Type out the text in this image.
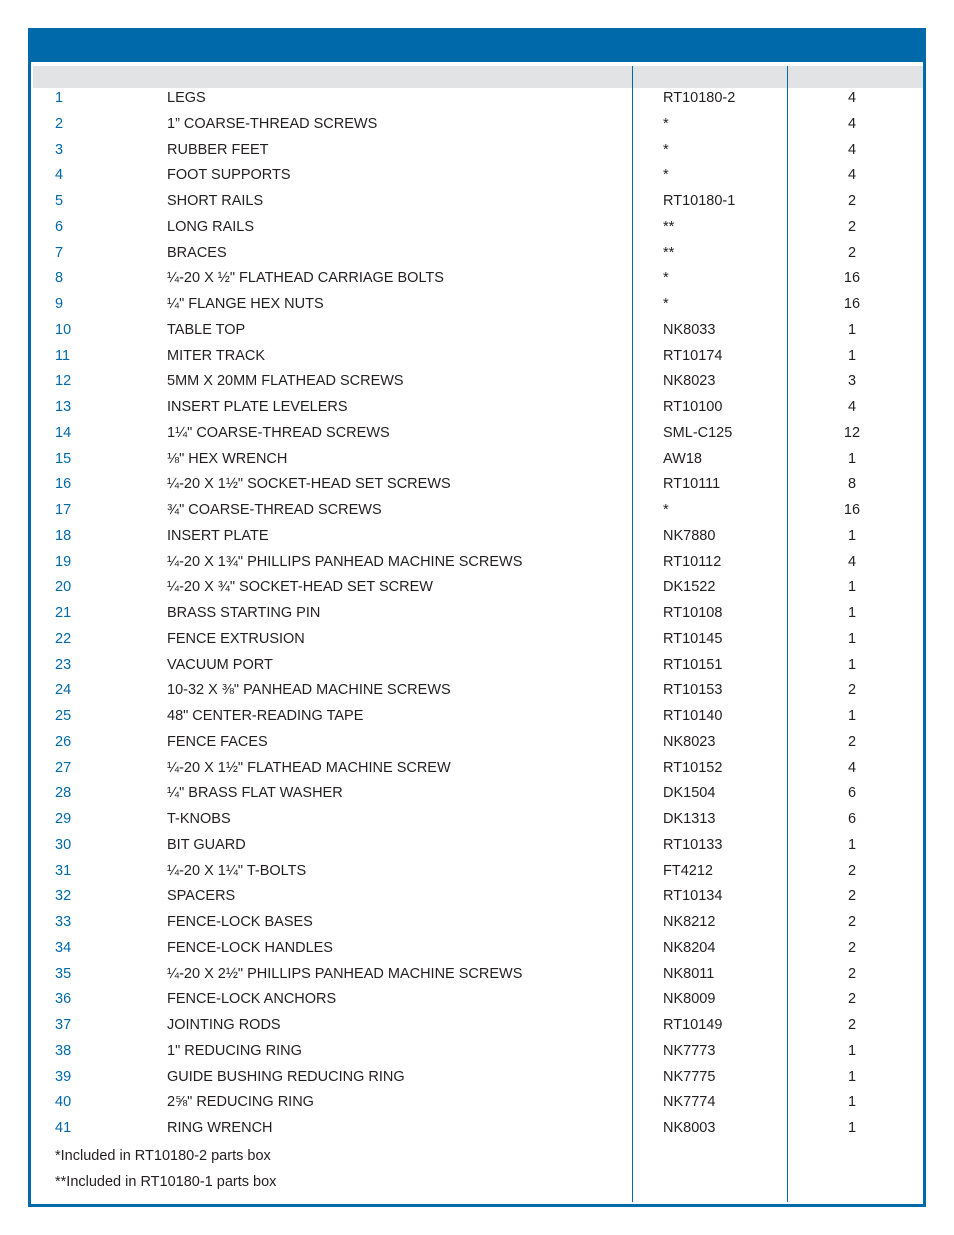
1	LEGS	RT10180-2	4
2	1” COARSE-THREAD SCREWS	*	4
3	RUBBER FEET	*	4
4	FOOT SUPPORTS	*	4
5	SHORT RAILS	RT10180-1	2
6	LONG RAILS	**	2
7	BRACES	**	2
8	¼-20 X ½" FLATHEAD CARRIAGE BOLTS	*	16
9	¼" FLANGE HEX NUTS	*	16
10	TABLE TOP	NK8033	1
11	MITER TRACK	RT10174	1
12	5MM X 20MM FLATHEAD SCREWS	NK8023	3
13	INSERT PLATE LEVELERS	RT10100	4
14	1¼" COARSE-THREAD SCREWS	SML-C125	12
15	⅛" HEX WRENCH	AW18	1
16	¼-20 X 1½" SOCKET-HEAD SET SCREWS	RT10111	8
17	¾" COARSE-THREAD SCREWS	*	16
18	INSERT PLATE	NK7880	1
19	¼-20 X 1¾" PHILLIPS PANHEAD MACHINE SCREWS	RT10112	4
20	¼-20 X ¾" SOCKET-HEAD SET SCREW	DK1522	1
21	BRASS STARTING PIN	RT10108	1
22	FENCE EXTRUSION	RT10145	1
23	VACUUM PORT	RT10151	1
24	10-32 X ⅜" PANHEAD MACHINE SCREWS	RT10153	2
25	48" CENTER-READING TAPE	RT10140	1
26	FENCE FACES	NK8023	2
27	¼-20 X 1½" FLATHEAD MACHINE SCREW	RT10152	4
28	¼" BRASS FLAT WASHER	DK1504	6
29	T-KNOBS	DK1313	6
30	BIT GUARD	RT10133	1
31	¼-20 X 1¼" T-BOLTS	FT4212	2
32	SPACERS	RT10134	2
33	FENCE-LOCK BASES	NK8212	2
34	FENCE-LOCK HANDLES	NK8204	2
35	¼-20 X 2½" PHILLIPS PANHEAD MACHINE SCREWS	NK8011	2
36	FENCE-LOCK ANCHORS	NK8009	2
37	JOINTING RODS	RT10149	2
38	1" REDUCING RING	NK7773	1
39	GUIDE BUSHING REDUCING RING	NK7775	1
40	2⅝" REDUCING RING	NK7774	1
41	RING WRENCH	NK8003	1
*Included in RT10180-2 parts box
**Included in RT10180-1 parts box
